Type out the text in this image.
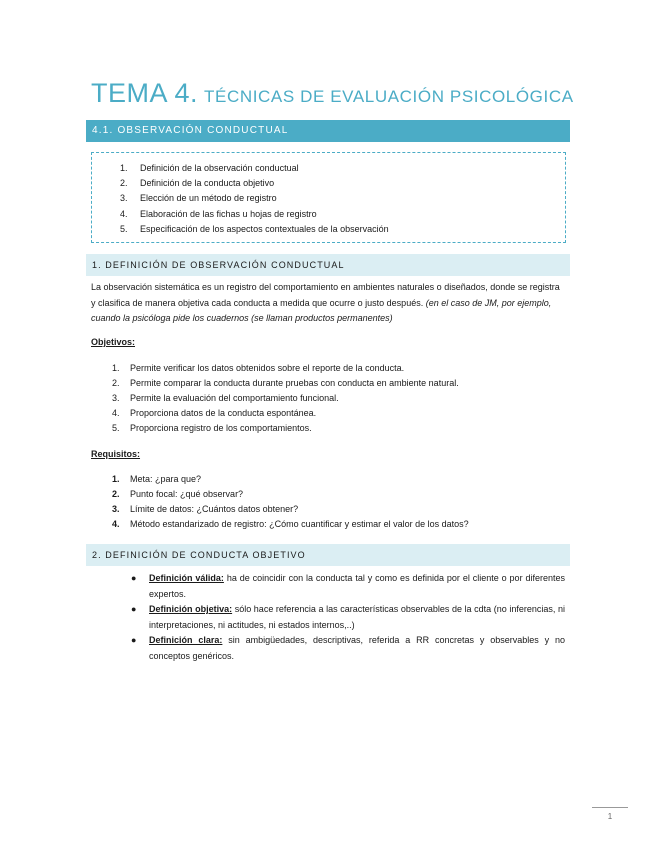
TEMA 4. TÉCNICAS DE EVALUACIÓN PSICOLÓGICA
4.1. OBSERVACIÓN CONDUCTUAL
1. Definición de la observación conductual
2. Definición de la conducta objetivo
3. Elección de un método de registro
4. Elaboración de las fichas u hojas de registro
5. Especificación de los aspectos contextuales de la observación
1. DEFINICIÓN DE OBSERVACIÓN CONDUCTUAL
La observación sistemática es un registro del comportamiento en ambientes naturales o diseñados, donde se registra y clasifica de manera objetiva cada conducta a medida que ocurre o justo después. (en el caso de JM, por ejemplo, cuando la psicóloga pide los cuadernos (se llaman productos permanentes)
Objetivos:
1. Permite verificar los datos obtenidos sobre el reporte de la conducta.
2. Permite comparar la conducta durante pruebas con conducta en ambiente natural.
3. Permite la evaluación del comportamiento funcional.
4. Proporciona datos de la conducta espontánea.
5. Proporciona registro de los comportamientos.
Requisitos:
1. Meta: ¿para que?
2. Punto focal: ¿qué observar?
3. Límite de datos: ¿Cuántos datos obtener?
4. Método estandarizado de registro: ¿Cómo cuantificar y estimar el valor de los datos?
2. DEFINICIÓN DE CONDUCTA OBJETIVO
● Definición válida: ha de coincidir con la conducta tal y como es definida por el cliente o por diferentes expertos.
● Definición objetiva: sólo hace referencia a las características observables de la cdta (no inferencias, ni interpretaciones, ni actitudes, ni estados internos,..)
● Definición clara: sin ambigüedades, descriptivas, referida a RR concretas y observables y no conceptos genéricos.
1
